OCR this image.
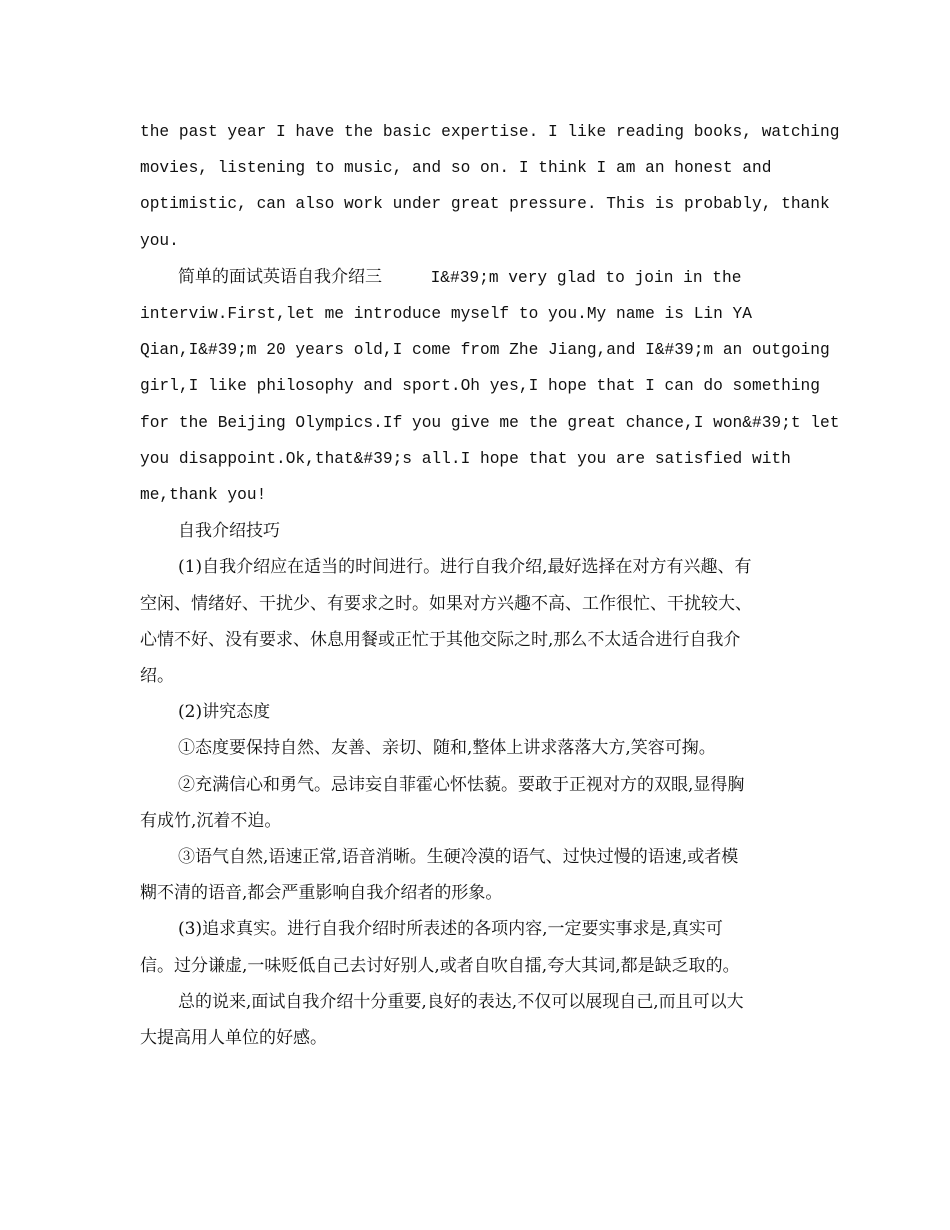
the past year I have the basic expertise. I like reading books, watching
movies, listening to music, and so on. I think I am an honest and
optimistic, can also work under great pressure. This is probably, thank
you.
简单的面试英语自我介绍三	I&#39;m very glad to join in the
interviw.First,let me introduce myself to you.My name is Lin YA
Qian,I&#39;m 20 years old,I come from Zhe Jiang,and I&#39;m an outgoing
girl,I like philosophy and sport.Oh yes,I hope that I can do something
for the Beijing Olympics.If you give me the great chance,I won&#39;t let
you disappoint.Ok,that&#39;s all.I hope that you are satisfied with
me,thank you!
自我介绍技巧
(1)自我介绍应在适当的时间进行。进行自我介绍,最好选择在对方有兴趣、有
空闲、情绪好、干扰少、有要求之时。如果对方兴趣不高、工作很忙、干扰较大、
心情不好、没有要求、休息用餐或正忙于其他交际之时,那么不太适合进行自我介
绍。
(2)讲究态度
①态度要保持自然、友善、亲切、随和,整体上讲求落落大方,笑容可掬。
②充满信心和勇气。忌讳妄自菲霍心怀怯藐。要敢于正视对方的双眼,显得胸
有成竹,沉着不迫。
③语气自然,语速正常,语音消晰。生硬冷漠的语气、过快过慢的语速,或者模
糊不清的语音,都会严重影响自我介绍者的形象。
(3)追求真实。进行自我介绍时所表述的各项内容,一定要实事求是,真实可
信。过分谦虚,一味贬低自己去讨好别人,或者自吹自擂,夸大其词,都是缺乏取的。
总的说来,面试自我介绍十分重要,良好的表达,不仅可以展现自己,而且可以大
大提高用人单位的好感。
